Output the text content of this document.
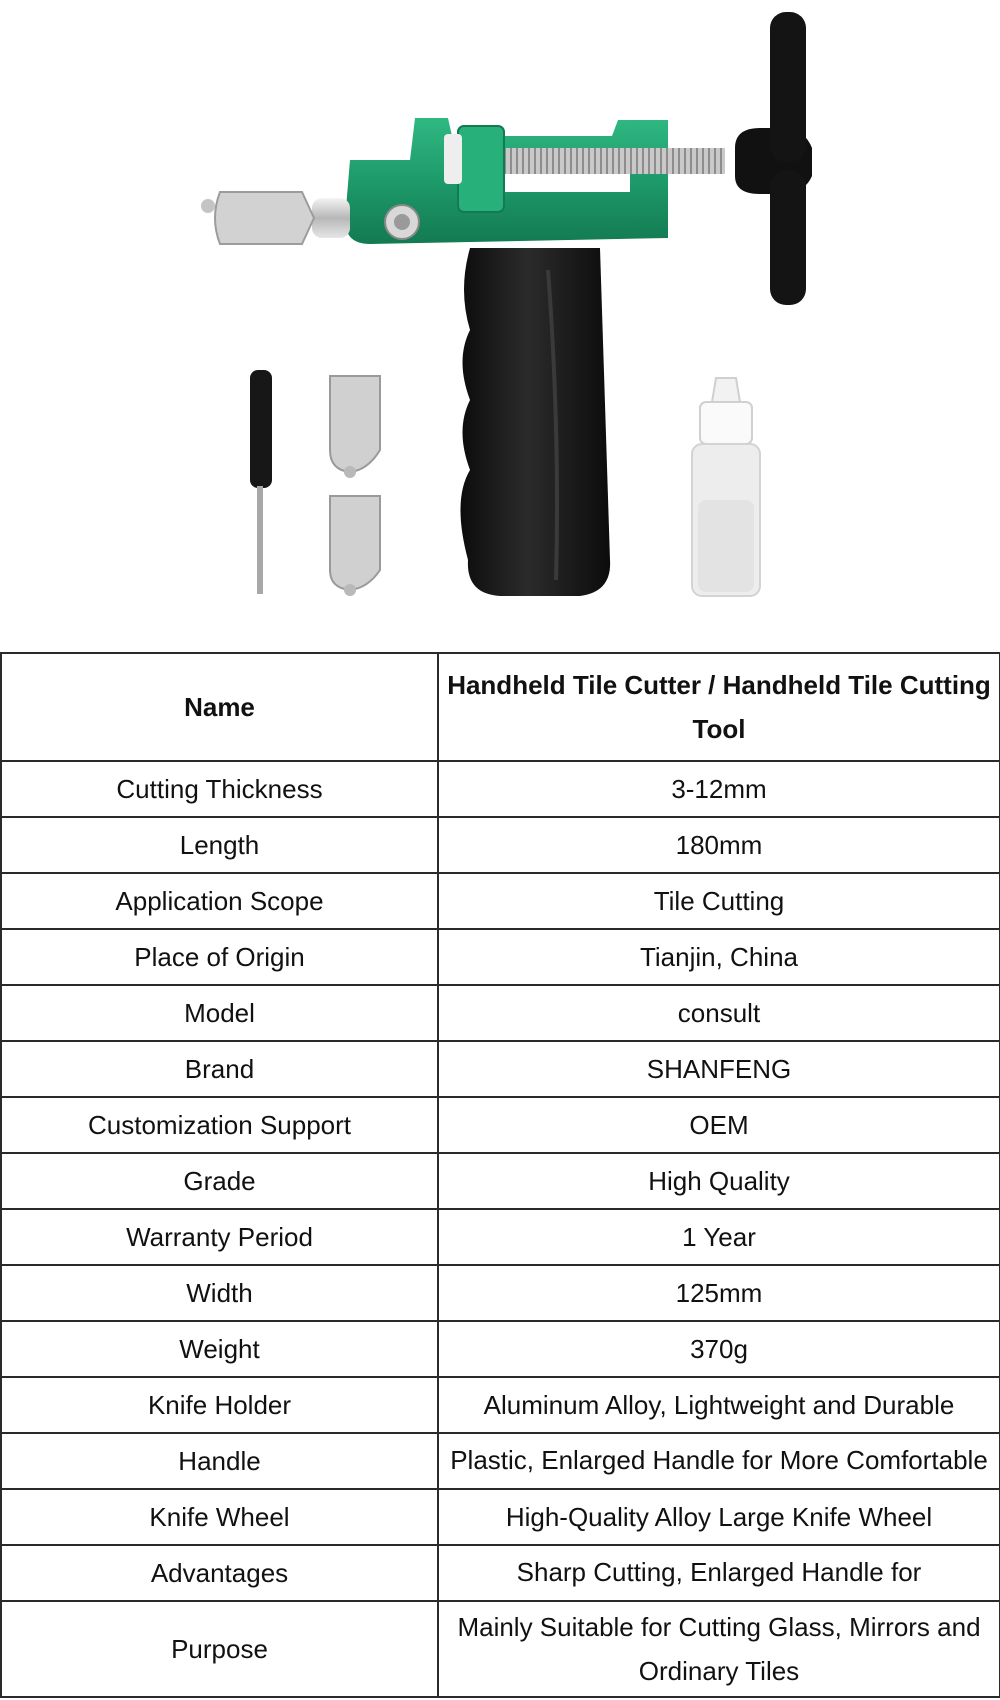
Name	Handheld Tile Cutter / Handheld Tile Cutting Tool
Cutting Thickness	3-12mm
Length	180mm
Application Scope	Tile Cutting
Place of Origin	Tianjin, China
Model	consult
Brand	SHANFENG
Customization Support	OEM
Grade	High Quality
Warranty Period	1 Year
Width	125mm
Weight	370g
Knife Holder	Aluminum Alloy, Lightweight and Durable
Handle	Plastic, Enlarged Handle for More Comfortable
Knife Wheel	High-Quality Alloy Large Knife Wheel
Advantages	Sharp Cutting, Enlarged Handle for
Purpose	Mainly Suitable for Cutting Glass, Mirrors and Ordinary Tiles
